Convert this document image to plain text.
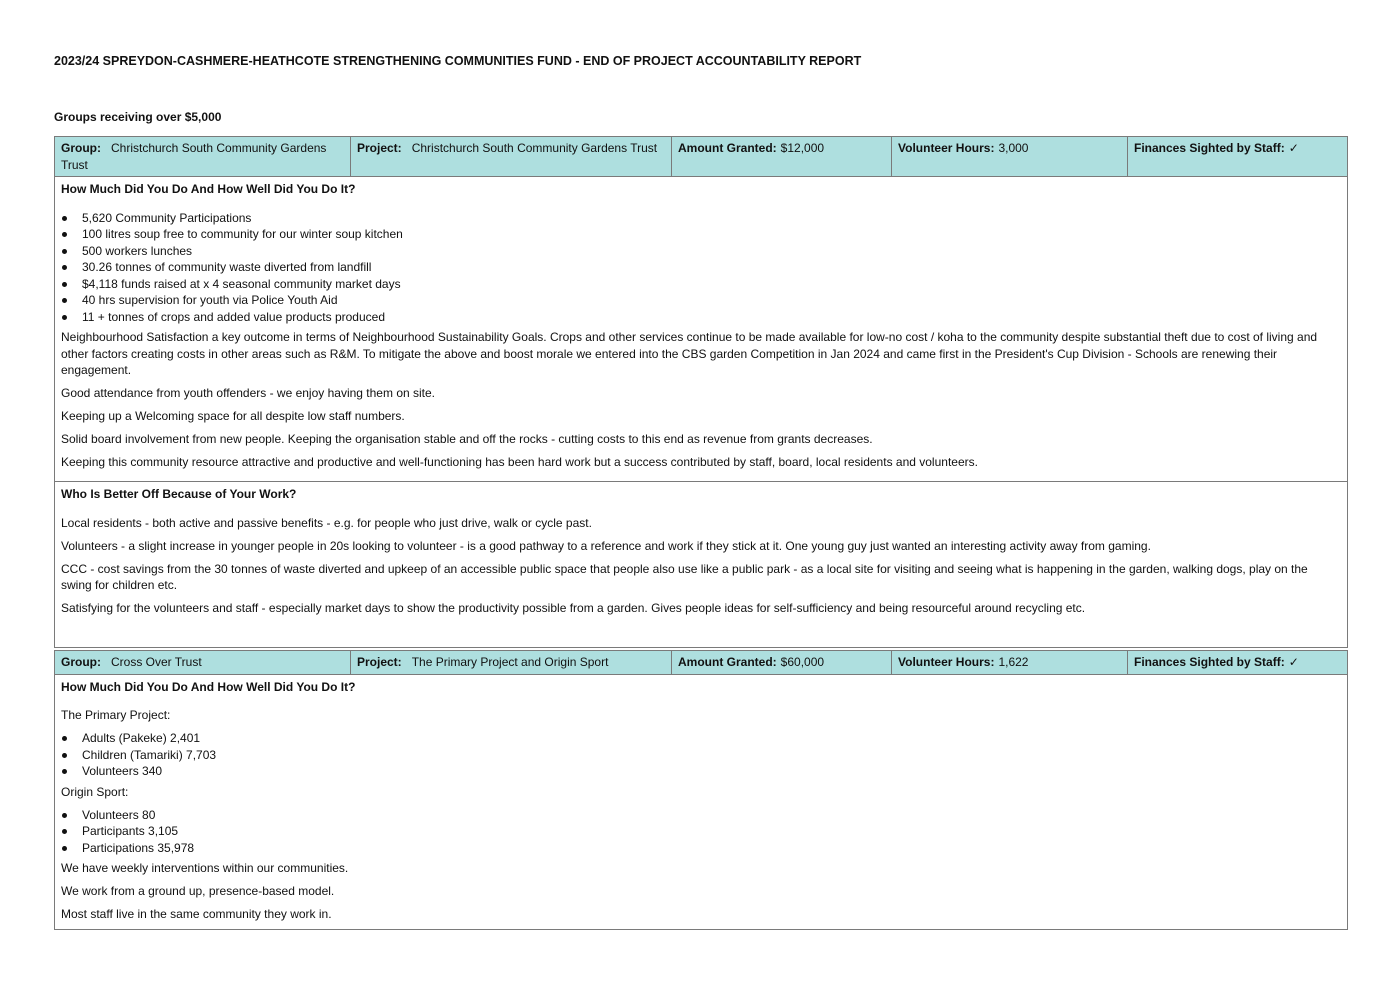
2023/24 SPREYDON-CASHMERE-HEATHCOTE STRENGTHENING COMMUNITIES FUND - END OF PROJECT ACCOUNTABILITY REPORT
Groups receiving over $5,000
Group: Christchurch South Community Gardens Trust	Project: Christchurch South Community Gardens Trust	Amount Granted: $12,000	Volunteer Hours: 3,000	Finances Sighted by Staff: ✓

How Much Did You Do And How Well Did You Do It?
5,620 Community Participations
100 litres soup free to community for our winter soup kitchen
500 workers lunches
30.26 tonnes of community waste diverted from landfill
$4,118 funds raised at x 4 seasonal community market days
40 hrs supervision for youth via Police Youth Aid
11 + tonnes of crops and added value products produced

Neighbourhood Satisfaction a key outcome in terms of Neighbourhood Sustainability Goals. Crops and other services continue to be made available for low-no cost / koha to the community despite substantial theft due to cost of living and other factors creating costs in other areas such as R&M. To mitigate the above and boost morale we entered into the CBS garden Competition in Jan 2024 and came first in the President's Cup Division - Schools are renewing their engagement.

Good attendance from youth offenders - we enjoy having them on site.

Keeping up a Welcoming space for all despite low staff numbers.

Solid board involvement from new people. Keeping the organisation stable and off the rocks - cutting costs to this end as revenue from grants decreases.

Keeping this community resource attractive and productive and well-functioning has been hard work but a success contributed by staff, board, local residents and volunteers.

Who Is Better Off Because of Your Work?

Local residents - both active and passive benefits - e.g. for people who just drive, walk or cycle past.

Volunteers - a slight increase in younger people in 20s looking to volunteer - is a good pathway to a reference and work if they stick at it. One young guy just wanted an interesting activity away from gaming.

CCC - cost savings from the 30 tonnes of waste diverted and upkeep of an accessible public space that people also use like a public park - as a local site for visiting and seeing what is happening in the garden, walking dogs, play on the swing for children etc.

Satisfying for the volunteers and staff - especially market days to show the productivity possible from a garden. Gives people ideas for self-sufficiency and being resourceful around recycling etc.

Group: Cross Over Trust	Project: The Primary Project and Origin Sport	Amount Granted: $60,000	Volunteer Hours: 1,622	Finances Sighted by Staff: ✓

How Much Did You Do And How Well Did You Do It?

The Primary Project:

Adults (Pakeke) 2,401
Children (Tamariki) 7,703
Volunteers 340

Origin Sport:

Volunteers 80
Participants 3,105
Participations 35,978

We have weekly interventions within our communities.

We work from a ground up, presence-based model.

Most staff live in the same community they work in.
